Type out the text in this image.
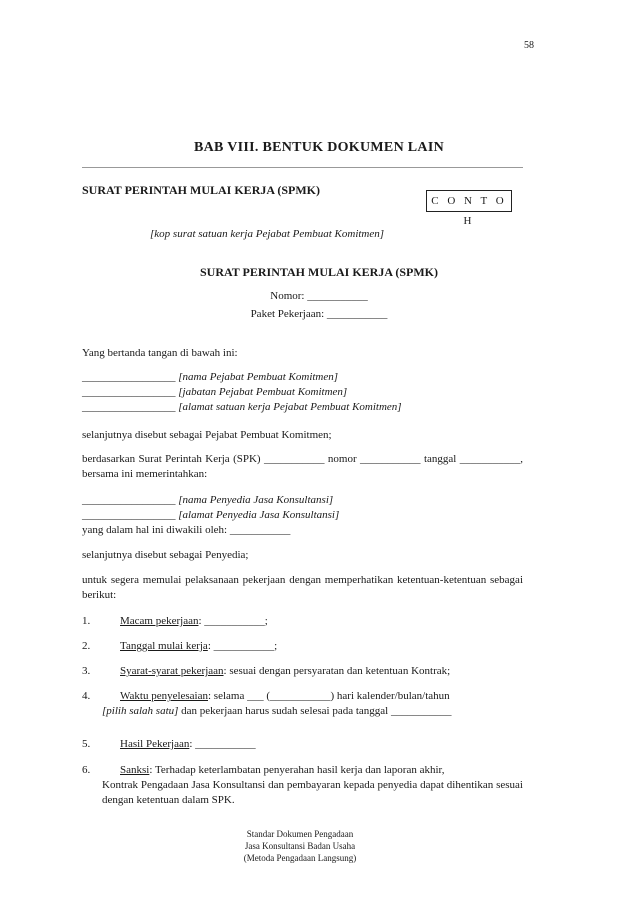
58
BAB VIII. BENTUK DOKUMEN LAIN
SURAT PERINTAH MULAI KERJA (SPMK)
C O N T O H
[kop surat satuan kerja Pejabat Pembuat Komitmen]
SURAT PERINTAH MULAI KERJA (SPMK)
Nomor: ___________
Paket Pekerjaan: ___________
Yang bertanda tangan di bawah ini:
_________________ [nama Pejabat Pembuat Komitmen]
_________________ [jabatan Pejabat Pembuat Komitmen]
_________________ [alamat satuan kerja Pejabat Pembuat Komitmen]
selanjutnya disebut sebagai Pejabat Pembuat Komitmen;
berdasarkan Surat Perintah Kerja (SPK) ___________ nomor ___________ tanggal ___________, bersama ini memerintahkan:
_________________ [nama Penyedia Jasa Konsultansi]
_________________ [alamat Penyedia Jasa Konsultansi]
yang dalam hal ini diwakili oleh: ___________
selanjutnya disebut sebagai Penyedia;
untuk segera memulai pelaksanaan pekerjaan dengan memperhatikan ketentuan-ketentuan sebagai berikut:
1.	Macam pekerjaan: ___________;
2.	Tanggal mulai kerja: ___________;
3.	Syarat-syarat pekerjaan: sesuai dengan persyaratan dan ketentuan Kontrak;
4.	Waktu penyelesaian: selama ___ (___________) hari kalender/bulan/tahun
[pilih salah satu] dan pekerjaan harus sudah selesai pada tanggal ___________
5.	Hasil Pekerjaan: ___________
6.	Sanksi: Terhadap keterlambatan penyerahan hasil kerja dan laporan akhir,
Kontrak Pengadaan Jasa Konsultansi dan pembayaran kepada penyedia dapat dihentikan sesuai dengan ketentuan dalam SPK.
Standar Dokumen Pengadaan
Jasa Konsultansi Badan Usaha
(Metoda Pengadaan Langsung)
